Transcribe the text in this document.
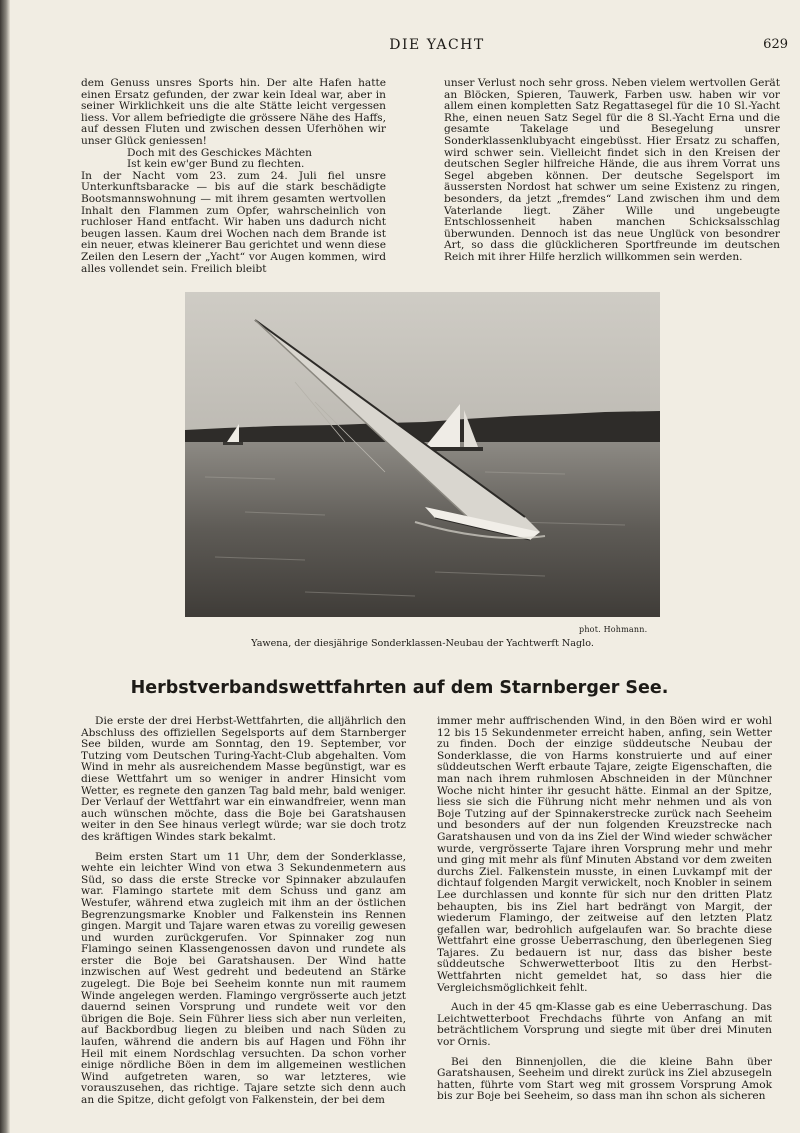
DIE YACHT	629

dem Genuss unsres Sports hin. Der alte Hafen hatte einen Ersatz gefunden, der zwar kein Ideal war, aber in seiner Wirklichkeit uns die alte Stätte leicht vergessen liess. Vor allem befriedigte die grössere Nähe des Haffs, auf dessen Fluten und zwischen dessen Uferhöhen wir unser Glück geniessen!

Doch mit des Geschickes Mächten

Ist kein ew'ger Bund zu flechten.

In der Nacht vom 23. zum 24. Juli fiel unsre Unterkunftsbaracke — bis auf die stark beschädigte Bootsmannswohnung — mit ihrem gesamten wertvollen Inhalt den Flammen zum Opfer, wahrscheinlich von ruchloser Hand entfacht. Wir haben uns dadurch nicht beugen lassen. Kaum drei Wochen nach dem Brande ist ein neuer, etwas kleinerer Bau gerichtet und wenn diese Zeilen den Lesern der „Yacht“ vor Augen kommen, wird alles vollendet sein. Freilich bleibt

unser Verlust noch sehr gross. Neben vielem wertvollen Gerät an Blöcken, Spieren, Tauwerk, Farben usw. haben wir vor allem einen kompletten Satz Regattasegel für die 10 Sl.-Yacht Rhe, einen neuen Satz Segel für die 8 Sl.-Yacht Erna und die gesamte Takelage und Besegelung unsrer Sonderklassenklubyacht eingebüsst. Hier Ersatz zu schaffen, wird schwer sein. Vielleicht findet sich in den Kreisen der deutschen Segler hilfreiche Hände, die aus ihrem Vorrat uns Segel abgeben können. Der deutsche Segelsport im äussersten Nordost hat schwer um seine Existenz zu ringen, besonders, da jetzt „fremdes“ Land zwischen ihm und dem Vaterlande liegt. Zäher Wille und ungebeugte Entschlossenheit haben manchen Schicksalsschlag überwunden. Dennoch ist das neue Unglück von besondrer Art, so dass die glücklicheren Sportfreunde im deutschen Reich mit ihrer Hilfe herzlich willkommen sein werden.

phot. Hohmann.
Yawena, der diesjährige Sonderklassen-Neubau der Yachtwerft Naglo.
Herbstverbandswettfahrten auf dem Starnberger See.

Die erste der drei Herbst-Wettfahrten, die alljährlich den Abschluss des offiziellen Segelsports auf dem Starnberger See bilden, wurde am Sonntag, den 19. September, vor Tutzing vom Deutschen Turing-Yacht-Club abgehalten. Vom Wind in mehr als ausreichendem Masse begünstigt, war es diese Wettfahrt um so weniger in andrer Hinsicht vom Wetter, es regnete den ganzen Tag bald mehr, bald weniger. Der Verlauf der Wettfahrt war ein einwandfreier, wenn man auch wünschen möchte, dass die Boje bei Garatshausen weiter in den See hinaus verlegt würde; war sie doch trotz des kräftigen Windes stark bekalmt.

Beim ersten Start um 11 Uhr, dem der Sonderklasse, wehte ein leichter Wind von etwa 3 Sekundenmetern aus Süd, so dass die erste Strecke vor Spinnaker abzulaufen war. Flamingo startete mit dem Schuss und ganz am Westufer, während etwa zugleich mit ihm an der östlichen Begrenzungsmarke Knobler und Falkenstein ins Rennen gingen. Margit und Tajare waren etwas zu voreilig gewesen und wurden zurückgerufen. Vor Spinnaker zog nun Flamingo seinen Klassengenossen davon und rundete als erster die Boje bei Garatshausen. Der Wind hatte inzwischen auf West gedreht und bedeutend an Stärke zugelegt. Die Boje bei Seeheim konnte nun mit raumem Winde angelegen werden. Flamingo vergrösserte auch jetzt dauernd seinen Vorsprung und rundete weit vor den übrigen die Boje. Sein Führer liess sich aber nun verleiten, auf Backbordbug liegen zu bleiben und nach Süden zu laufen, während die andern bis auf Hagen und Föhn ihr Heil mit einem Nordschlag versuchten. Da schon vorher einige nördliche Böen in dem im allgemeinen westlichen Wind aufgetreten waren, so war letzteres, wie vorauszusehen, das richtige. Tajare setzte sich denn auch an die Spitze, dicht gefolgt von Falkenstein, der bei dem

immer mehr auffrischenden Wind, in den Böen wird er wohl 12 bis 15 Sekundenmeter erreicht haben, anfing, sein Wetter zu finden. Doch der einzige süddeutsche Neubau der Sonderklasse, die von Harms konstruierte und auf einer süddeutschen Werft erbaute Tajare, zeigte Eigenschaften, die man nach ihrem ruhmlosen Abschneiden in der Münchner Woche nicht hinter ihr gesucht hätte. Einmal an der Spitze, liess sie sich die Führung nicht mehr nehmen und als von Boje Tutzing auf der Spinnakerstrecke zurück nach Seeheim und besonders auf der nun folgenden Kreuzstrecke nach Garatshausen und von da ins Ziel der Wind wieder schwächer wurde, vergrösserte Tajare ihren Vorsprung mehr und mehr und ging mit mehr als fünf Minuten Abstand vor dem zweiten durchs Ziel. Falkenstein musste, in einen Luvkampf mit der dichtauf folgenden Margit verwickelt, noch Knobler in seinem Lee durchlassen und konnte für sich nur den dritten Platz behaupten, bis ins Ziel hart bedrängt von Margit, der wiederum Flamingo, der zeitweise auf den letzten Platz gefallen war, bedrohlich aufgelaufen war. So brachte diese Wettfahrt eine grosse Ueberraschung, den überlegenen Sieg Tajares. Zu bedauern ist nur, dass das bisher beste süddeutsche Schwerwetterboot Iltis zu den Herbst-Wettfahrten nicht gemeldet hat, so dass hier die Vergleichsmöglichkeit fehlt.

Auch in der 45 qm-Klasse gab es eine Ueberraschung. Das Leichtwetterboot Frechdachs führte von Anfang an mit beträchtlichem Vorsprung und siegte mit über drei Minuten vor Ornis.

Bei den Binnenjollen, die die kleine Bahn über Garatshausen, Seeheim und direkt zurück ins Ziel abzusegeln hatten, führte vom Start weg mit grossem Vorsprung Amok bis zur Boje bei Seeheim, so dass man ihn schon als sicheren
